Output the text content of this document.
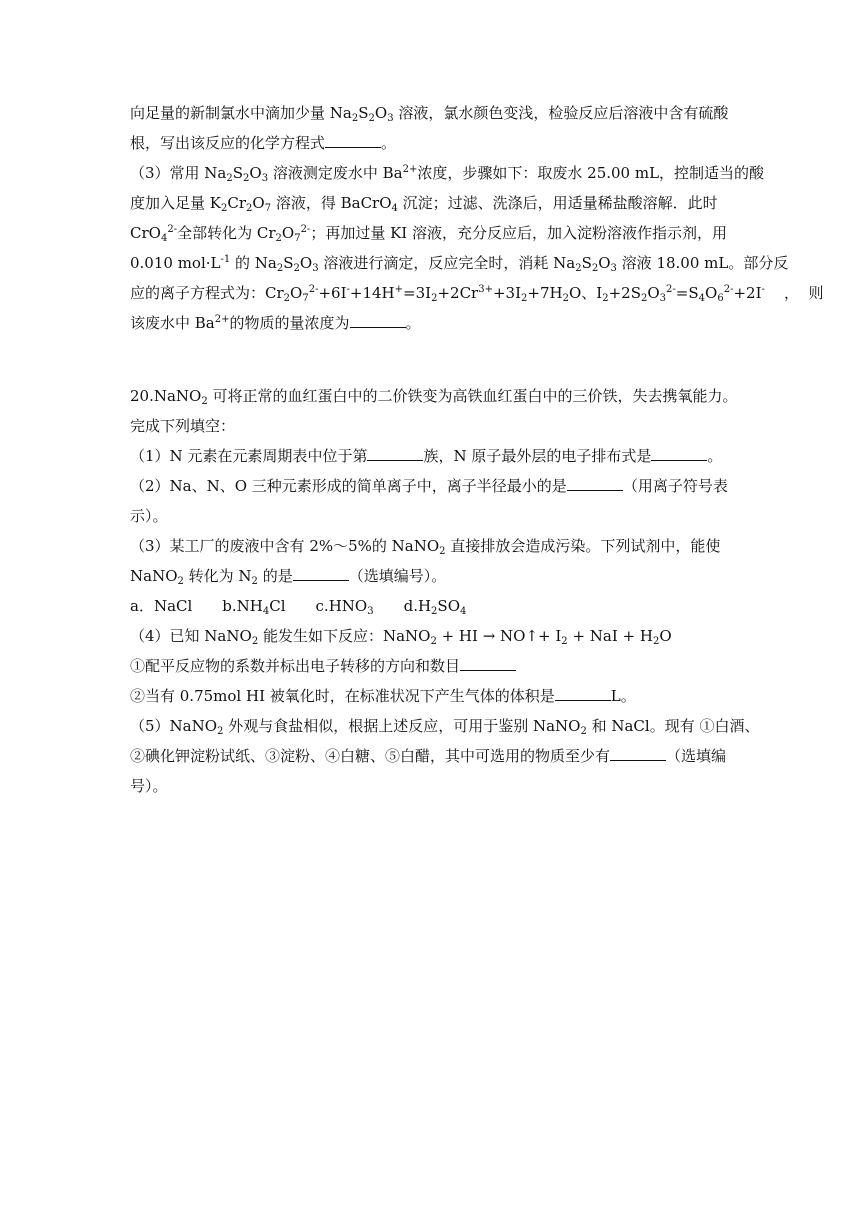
向足量的新制氯水中滴加少量 $Na_2S_2O_3$ 溶液，氯水颜色变浅，检验反应后溶液中含有硫酸
根，写出该反应的化学方程式	。
（3）常用 $Na_2S_2O_3$ 溶液测定废水中 $Ba^{2+}$浓度，步骤如下：取废水 25.00 mL，控制适当的酸
度加入足量 $K_2Cr_2O_7$ 溶液，得 BaCrO$_4$ 沉淀；过滤、洗涤后，用适量稀盐酸溶解．此时
CrO$_4^{2-}$全部转化为 $Cr_2O_7^{2-}$；再加过量 KI 溶液，充分反应后，加入淀粉溶液作指示剂，用
0.010 $mol\cdot L^{-1}$ 的 $Na_2S_2O_3$ 溶液进行滴定，反应完全时，消耗 $Na_2S_2O_3$ 溶液 18.00 mL。部分反
应的离子方程式为：$Cr_2O_7^{2-}+6I^-+14H^+=3I_2+2Cr^{3+}+3I_2+7H_2O$、$I_2+2S_2O_3^{2-}=S_4O_6^{2-}+2I^-$    ，  则
该废水中 $Ba^{2+}$的物质的量浓度为	。
20.NaNO$_2$ 可将正常的血红蛋白中的二价铁变为高铁血红蛋白中的三价铁，失去携氧能力。
完成下列填空：
（1）N 元素在元素周期表中位于第	族，N 原子最外层的电子排布式是	。
（2）Na、N、O 三种元素形成的简单离子中，离子半径最小的是	（用离子符号表
示）。
（3）某工厂的废液中含有 2%～5%的 NaNO$_2$ 直接排放会造成污染。下列试剂中，能使
NaNO$_2$ 转化为 $N_2$ 的是	（选填编号）。
a．NaCl $b.NH_4Cl$ $c.HNO_3$ $d.H_2SO_4$
（4）已知 NaNO$_2$ 能发生如下反应：NaNO$_2$ + HI → NO↑+ $I_2$ + NaI + $H_2O$
①配平反应物的系数并标出电子转移的方向和数目
②当有 0.75mol HI 被氧化时，在标准状况下产生气体的体积是	L。
（5）NaNO$_2$ 外观与食盐相似，根据上述反应，可用于鉴别 NaNO$_2$ 和 NaCl。现有 ①白酒、
②碘化钾淀粉试纸、③淀粉、④白糖、⑤白醋，其中可选用的物质至少有	（选填编
号）。
